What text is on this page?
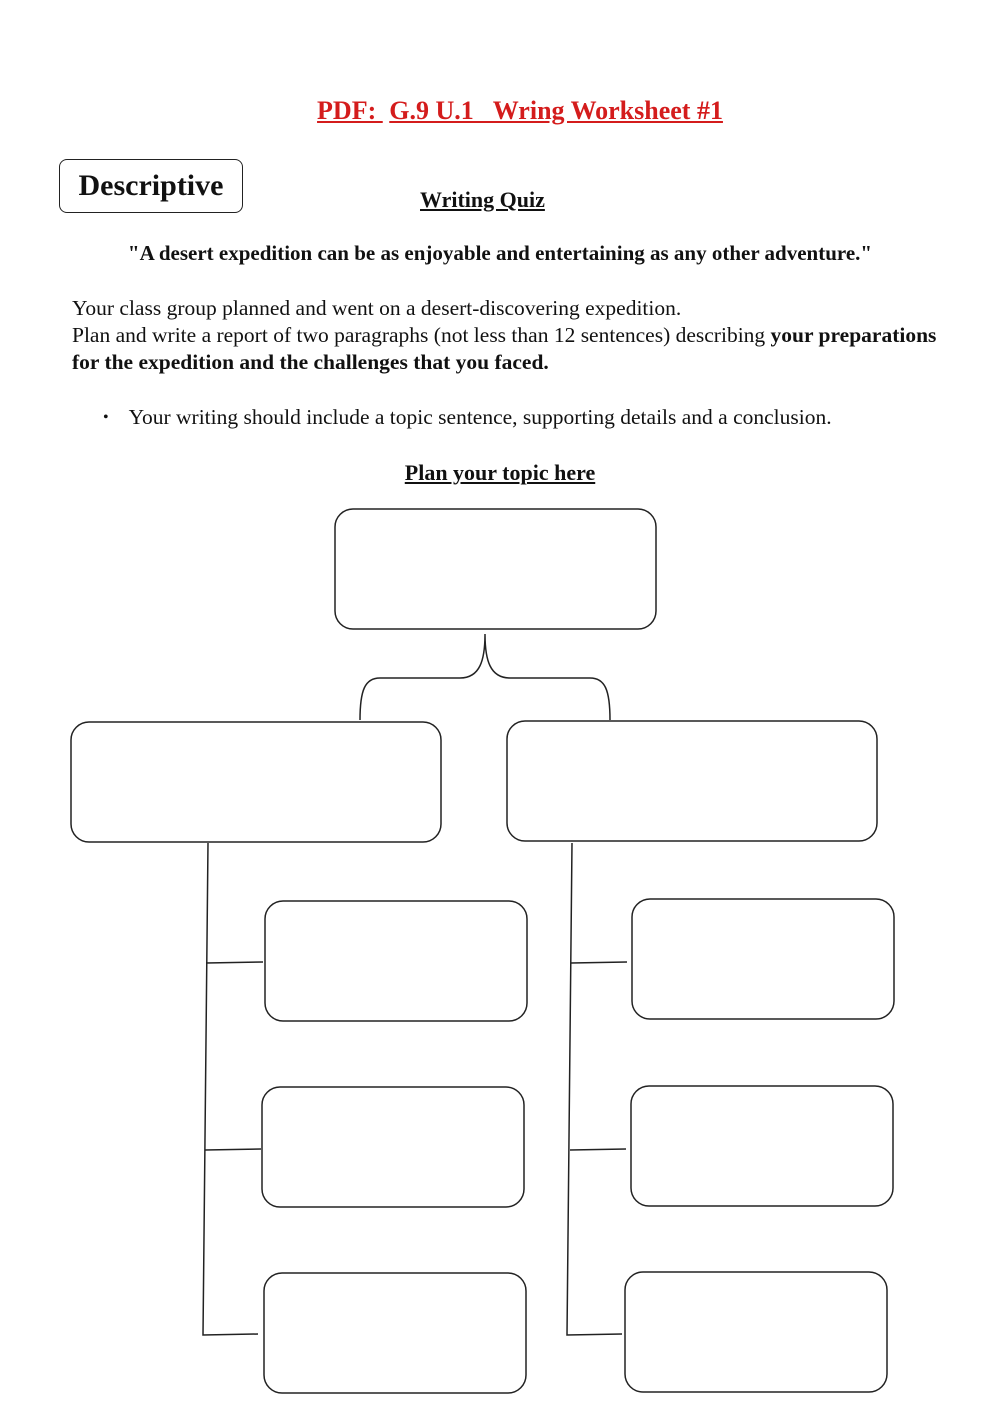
PDF:  G.9 U.1   Wring Worksheet #1
Descriptive	Writing Quiz
"A desert expedition can be as enjoyable and entertaining as any other adventure."
Your class group planned and went on a desert-discovering expedition.
Plan and write a report of two paragraphs (not less than 12 sentences) describing your preparations for the expedition and the challenges that you faced.
• Your writing should include a topic sentence, supporting details and a conclusion.
Plan your topic here
